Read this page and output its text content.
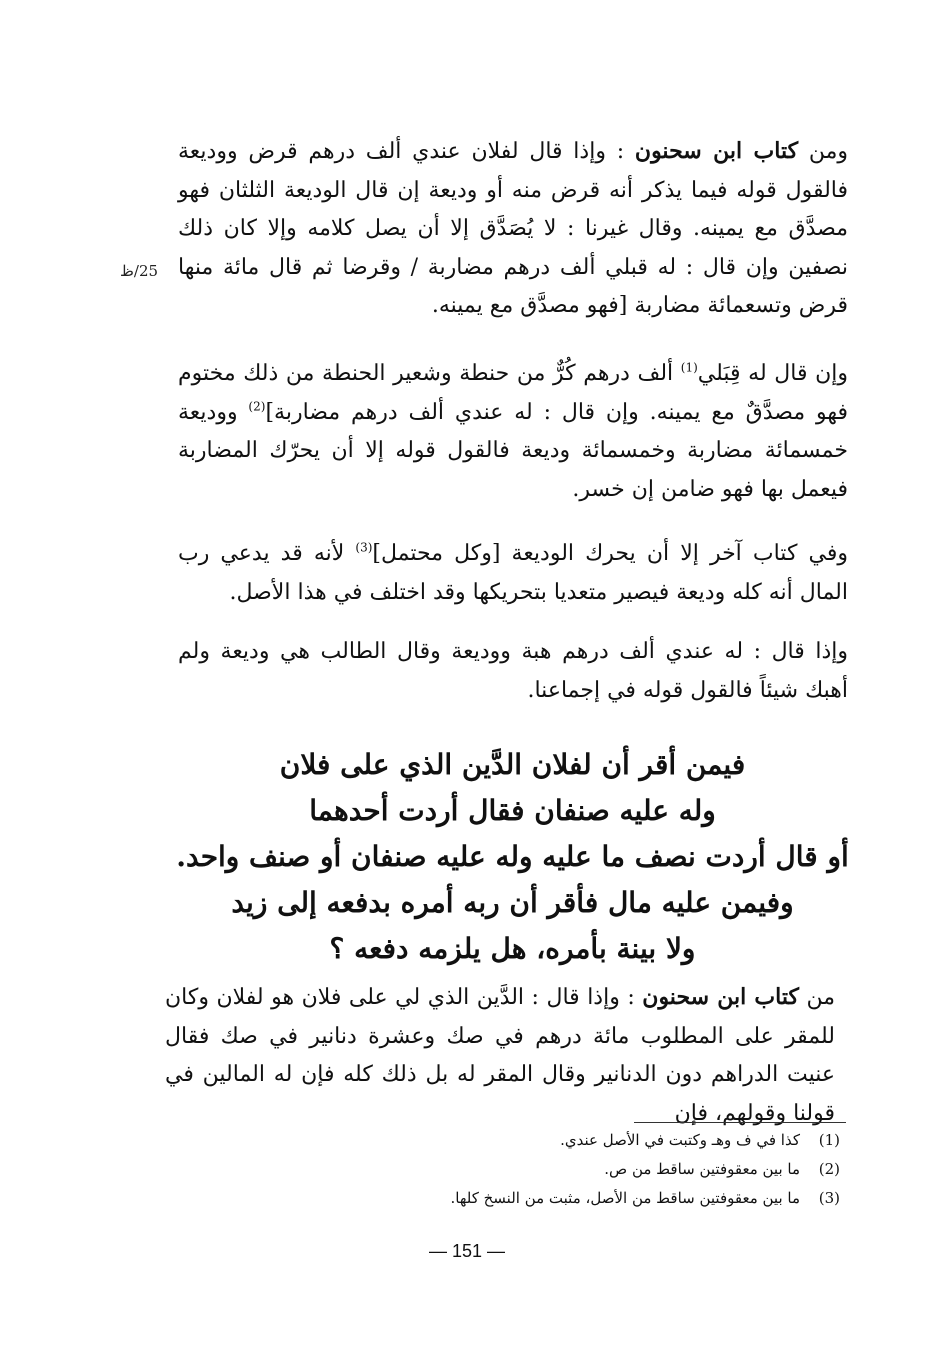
25/ظ

ومن كتاب ابن سحنون : وإذا قال لفلان عندي ألف درهم قرض ووديعة فالقول قوله فيما يذكر أنه قرض منه أو وديعة إن قال الوديعة الثلثان فهو مصدَّق مع يمينه. وقال غيرنا : لا يُصَدَّق إلا أن يصل كلامه وإلا كان ذلك نصفين وإن قال : له قبلي ألف درهم مضاربة / وقرضا ثم قال مائة منها قرض وتسعمائة مضاربة [فهو مصدَّق مع يمينه.

وإن قال له قِبَلي$^{(1)}$ ألف درهم كُرٌّ من حنطة وشعير الحنطة من ذلك مختوم فهو مصدَّقٌ مع يمينه. وإن قال : له عندي ألف درهم مضاربة]$^{(2)}$ ووديعة خمسمائة مضاربة وخمسمائة وديعة فالقول قوله إلا أن يحرّك المضاربة فيعمل بها فهو ضامن إن خسر.

وفي كتاب آخر إلا أن يحرك الوديعة [وكل محتمل]$^{(3)}$ لأنه قد يدعي رب المال أنه كله وديعة فيصير متعديا بتحريكها وقد اختلف في هذا الأصل.

وإذا قال : له عندي ألف درهم هبة ووديعة وقال الطالب هي وديعة ولم أهبك شيئاً فالقول قوله في إجماعنا.

فيمن أقر أن لفلان الدَّين الذي على فلان
وله عليه صنفان فقال أردت أحدهما
أو قال أردت نصف ما عليه وله عليه صنفان أو صنف واحد.
وفيمن عليه مال فأقر أن ربه أمره بدفعه إلى زيد
ولا بينة بأمره، هل يلزمه دفعه ؟

من كتاب ابن سحنون : وإذا قال : الدَّين الذي لي على فلان هو لفلان وكان للمقر على المطلوب مائة درهم في صك وعشرة دنانير في صك فقال عنيت الدراهم دون الدنانير وقال المقر له بل ذلك كله فإن له المالين في قولنا وقولهم، فإن

(1)
كذا في ف وهـ وكتبت في الأصل عندي.
(2)
ما بين معقوفتين ساقط من ص.
(3)
ما بين معقوفتين ساقط من الأصل، مثبت من النسخ كلها.
— 151 —
